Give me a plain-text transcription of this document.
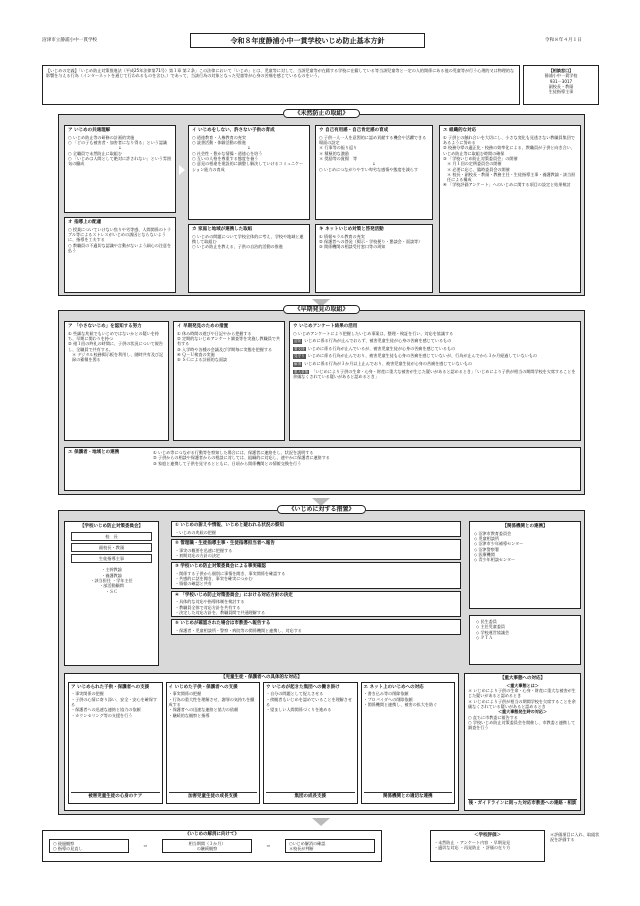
沼津市立静浦小中一貫学校	令和８年度静浦小中一貫学校いじめ防止基本方針	令和８年４月１日
【いじめの定義】「いじめ防止対策推進法（平成25年法律第71号）第１章 第２条」この法律において「いじめ」とは、児童等に対して、当該児童等が在籍する学校に在籍している等当該児童等と一定の人的関係にある他の児童等が行う心理的又は物理的な影響を与える行為（インターネットを通じて行われるものを含む。）であって、当該行為の対象となった児童等が心身の苦痛を感じているものをいう。
【相談窓口】
静浦小中一貫学校
931－3017
副校長・教頭
生徒指導主事
《未然防止の取組》
ア いじめの共通理解
○ いじめ防止等の研修の計画的実施
○ 「どの子も被害者・加害者になり得る」という認識
↓
○ 全職員で未然防止に取組む
○ 「いじめは人間として絶対に許されない」という雰囲気の醸成
イ いじめをしない、許さない子供の育成
○ 道徳教育・人権教育の充実
○ 読書活動・体験活動の推進
↓
○ 社会性・豊かな情操・道徳心を培う
○ 互いの人格を尊重する態度を養う
○ 意見の相違を建設的に調整し解決していけるコミュニケーション能力の育成
ウ 自己有用感・自己肯定感の育成
○ 子供一人一人を意図的に認め貢献する機会や活躍できる場面の設定
＊ 行事等の振り返り
＊ 積極的な激励
＊ 奨励等の賞揚　等
↓
○ いじめにつながりやすい卑劣な感情や態度を減らす
エ 組織的な対応
① 子供との触れ合いを大切にし、小さな変化も見逃さない教職員集団であるように努める
② 校務分掌の適正化・校務の効率化による、教職員が子供と向き合い、いじめ防止等に取組む時間の確保
③ 「学校いじめ防止対策委員会」の開催
＊ 月１回の定例委員会の開催
＊ 必要に応じ、臨時委員会の開催
＊ 校長・副校長・教頭・教務主任・生徒指導主事・養護教諭・該当担任による構成
④ 「学校評価アンケート」へのいじめに関する項目の設定と結果検討
オ 指導上の配慮
○ 授業についていけない焦りや劣等感、人間関係のトラブル等によるストレスがいじめの誘因とならないように、指導を工夫する
○ 教職員の不適切な認識や言動がないよう細心の注意を払う
カ 家庭と地域が連携した取組
○ いじめの問題について学校全体的に考え、学校や地域と連携して取組む
○ いじめ防止を教える、子供の自治的活動の推進
キ ネットいじめ対策と啓発活動
① 情報モラル教育の充実
② 保護者への啓発（掲示・学校便り・懇談会・面談等）
③ 関係機関の相談受付窓口等の周知
《早期発見の取組》
ア 「小さないじめ」を認知する努力
① 些細な兆候でもいじめではないかとの疑いを持ち、早期に関わりを持つ
② 週１回の終礼の時間に、子供の状況について報告し、全職員で共有する。
＊ デジタル校務掲示板を利用し、随時共有及び記録の蓄積を図る
イ 早期発見のための措置
① 休み時間の遊びや日記やから把握する
② 定期的ないじめアンケート調査等を実施し教職員で共有する
③ 入学時や各種の会議及び学期毎に実態を把握する
④ Ｑ－Ｕ検査の実施
⑤ ＳＣによる計画的な面談
ウ いじめアンケート結果の活用
○ いじめアンケートにより把握したいじめ事案は、整理・検証を行い、対応を協議する
認知 いじめに係る行為が止んでおらず、被害児童生徒が心身の苦痛を感じているもの
要支援 いじめに係る行為が止んでいるが、被害児童生徒が心身の苦痛を感じているもの
見守り いじめに係る行為が止んでおり、被害児童生徒も心身の苦痛を感じていないが、行為が止んでから３か月経過していないもの
解消 いじめに係る行為が３か月以上止んでおり、被害児童生徒が心身の苦痛を感じていないもの
重大事態 「いじめにより子供の生命・心身・財産に重大な被害が生じた疑いがあると認めるとき」「いじめにより子供が相当の期間学校を欠席することを余儀なくされている疑いがあると認めるとき」
エ 保護者・地域との連携	① いじめ等につながる行動等を察知した場合には、保護者に連絡をし、状況を説明する
② 子供からの相談や保護者からの相談に対しては、組織的に対応し、速やかに保護者に連絡する
③ 家庭と連携して子供を見守るとともに、日頃から関係機関との情報交換を行う
《いじめに対する措置》
【学校いじめ防止対策委員会】
校　長
副校長・教頭
生徒指導主事
・主幹教諭
・養護教諭
・該当担任 ・学年主任
・部活動顧問
・ＳＣ
① いじめの訴えや情報、いじめと疑われる状況の察知
・いじめの兆候の把握
② 管理職・生徒指導主事・生徒指導担当者へ報告
・事実の概要を迅速に把握する
・初期対応の方針の決定
③ 学校いじめ防止対策委員会による事実確認
・関係する子供から個別に事情を聞き、事実関係を確認する
・共感的に話を聞き、事実を確実につかむ
・情報の確認と共有
④ 「学校いじめ防止対策委員会」における対応方針の決定
・具体的な対応や指導体制を検討する
・教職員全体で対応方針を共有する
・決定した対応方針を、教職員間で共通理解する
⑤ いじめが確認された場合は市教委へ報告する
・保護者・児童相談所・警察・病院等の関係機関と連携し、対応する
【関係機関との連携】
◇ 沼津市教育委員会
◇ 児童相談所
◇ 沼津市少年補導センター
◇ 沼津警察署
◇ 医療機関
◇ 青少年相談センター
◇ 民生委員
◇ 主任児童委員
◇ 学校運営協議会
◇ ＰＴＡ
【児童生徒・保護者への具体的な対応】
ア いじめられた子供・保護者への支援
・事実関係の把握
・子供の心情に寄り添い、安全・安心を確保する
・保護者への迅速な連絡と協力の依頼
・カウンセリング等の支援を行う
被害児童生徒の心身のケア
イ いじめた子供・保護者への支援
・事実関係の把握
・行為の重大性を理解させ、謝罪の気持ちを醸成する
・保護者への迅速な連絡と協力の依頼
・継続的な観察と指導
加害児童生徒の成長支援
ウ いじめが起きた集団への働き掛け
・自分の問題として捉えさせる
・傍観者もいじめを認めていることを理解させる
・望ましい人間関係づくりを進める
集団の成長支援
エ ネット上のいじめへの対応
・書き込み等の削除依頼
・プロバイダへの削除依頼
・関係機関と連携し、被害の拡大を防ぐ
関係機関との適切な連携
【重大事態への対応】
＜重大事態とは＞
＊ いじめにより子供の生命・心身・財産に重大な被害が生じた疑いがあると認めるとき
＊ いじめにより子供が相当の期間学校を欠席することを余儀なくされている疑いがあると認めるとき
＜重大事態発生時の対応＞
○ 直ちに市教委に報告する
○ 学校いじめ防止対策委員会を開催し、市教委と連携して調査を行う
後・ガイドラインに則った対応市教委への連絡・相談
《いじめの解消に向けて》
○ 経過観察
○ 指導の見直し
⇨
相当期間（３か月）
の継続観察
⇨
○いじめ解消の確認
＊校長が判断
＜学校評価＞
・未然防止 ・アンケート内容 ・早期発見
・適切な対応 ・再発防止 ・評価の在り方
＊評価項目に入れ、取組状況を評価する
